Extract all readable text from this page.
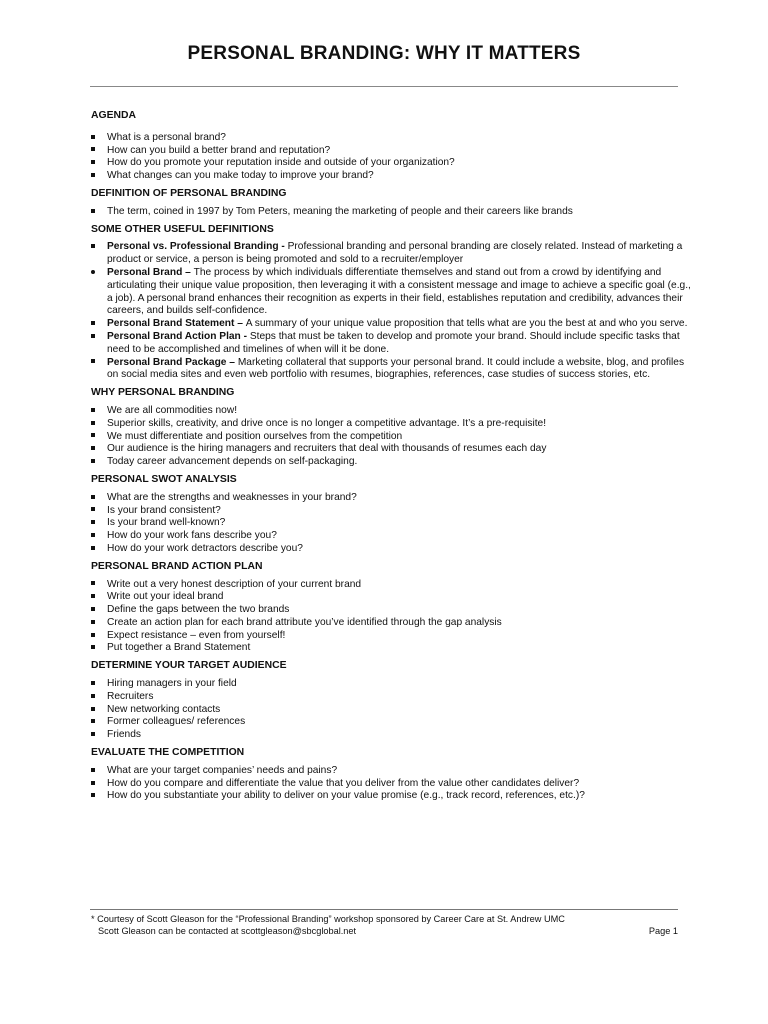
PERSONAL BRANDING: WHY IT MATTERS
AGENDA
What is a personal brand?
How can you build a better brand and reputation?
How do you promote your reputation inside and outside of your organization?
What changes can you make today to improve your brand?
DEFINITION OF PERSONAL BRANDING
The term, coined in 1997 by Tom Peters, meaning the marketing of people and their careers like brands
SOME OTHER USEFUL DEFINITIONS
Personal vs. Professional Branding - Professional branding and personal branding are closely related. Instead of marketing a product or service, a person is being promoted and sold to a recruiter/employer
Personal Brand – The process by which individuals differentiate themselves and stand out from a crowd by identifying and articulating their unique value proposition, then leveraging it with a consistent message and image to achieve a specific goal (e.g., a job). A personal brand enhances their recognition as experts in their field, establishes reputation and credibility, advances their careers, and builds self-confidence.
Personal Brand Statement – A summary of your unique value proposition that tells what are you the best at and who you serve.
Personal Brand Action Plan - Steps that must be taken to develop and promote your brand. Should include specific tasks that need to be accomplished and timelines of when will it be done.
Personal Brand Package – Marketing collateral that supports your personal brand. It could include a website, blog, and profiles on social media sites and even web portfolio with resumes, biographies, references, case studies of success stories, etc.
WHY PERSONAL BRANDING
We are all commodities now!
Superior skills, creativity, and drive once is no longer a competitive advantage. It’s a pre-requisite!
We must differentiate and position ourselves from the competition
Our audience is the hiring managers and recruiters that deal with thousands of resumes each day
Today career advancement depends on self-packaging.
PERSONAL SWOT ANALYSIS
What are the strengths and weaknesses in your brand?
Is your brand consistent?
Is your brand well-known?
How do your work fans describe you?
How do your work detractors describe you?
PERSONAL BRAND ACTION PLAN
Write out a very honest description of your current brand
Write out your ideal brand
Define the gaps between the two brands
Create an action plan for each brand attribute you’ve identified through the gap analysis
Expect resistance – even from yourself!
Put together a Brand Statement
DETERMINE YOUR TARGET AUDIENCE
Hiring managers in your field
Recruiters
New networking contacts
Former colleagues/ references
Friends
EVALUATE THE COMPETITION
What are your target companies’ needs and pains?
How do you compare and differentiate the value that you deliver from the value other candidates deliver?
How do you substantiate your ability to deliver on your value promise (e.g., track record, references, etc.)?
* Courtesy of Scott Gleason for the “Professional Branding” workshop sponsored by Career Care at St. Andrew UMC
Scott Gleason can be contacted at scottgleason@sbcglobal.net	Page 1
